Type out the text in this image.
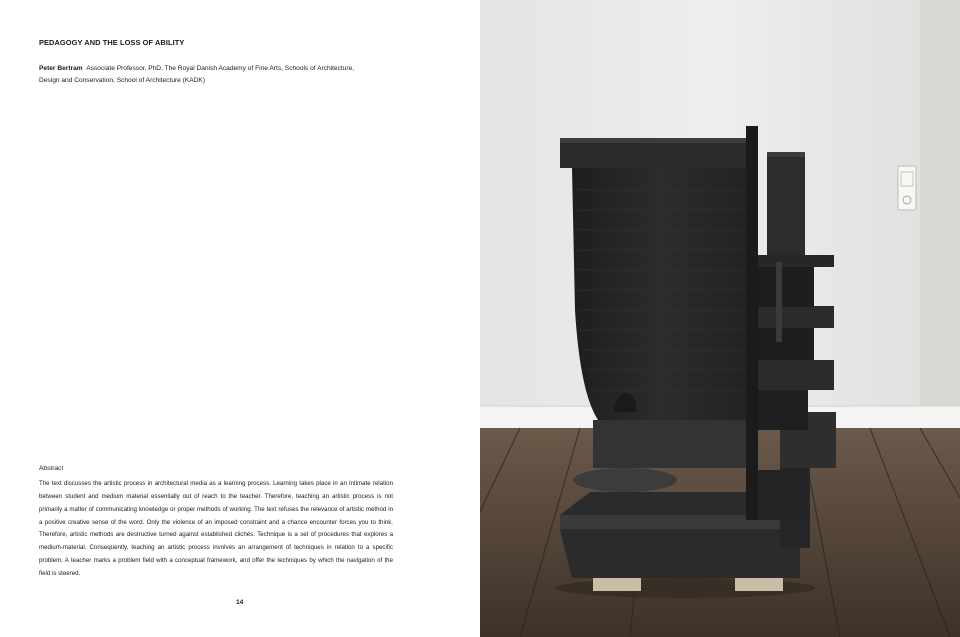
PEDAGOGY AND THE LOSS OF ABILITY

Peter Bertram Associate Professor, PhD, The Royal Danish Academy of Fine Arts, Schools of Architecture,
Design and Conservation, School of Architecture (KADK)

Abstract

The text discusses the artistic process in architectural media as a learning process. Learning takes place in an intimate relation between student and medium material essentially out of reach to the teacher. Therefore, teaching an artistic process is not primarily a matter of communicating knowledge or proper methods of working. The text refuses the relevance of artistic method in a positive creative sense of the word. Only the violence of an imposed constraint and a chance encounter forces you to think. Therefore, artistic methods are destructive turned against established clichés. Technique is a set of procedures that explores a medium-material. Consequently, teaching an artistic process involves an arrangement of techniques in relation to a specific problem. A teacher marks a problem field with a conceptual framework, and offer the techniques by which the navigation of the field is steered.

14
